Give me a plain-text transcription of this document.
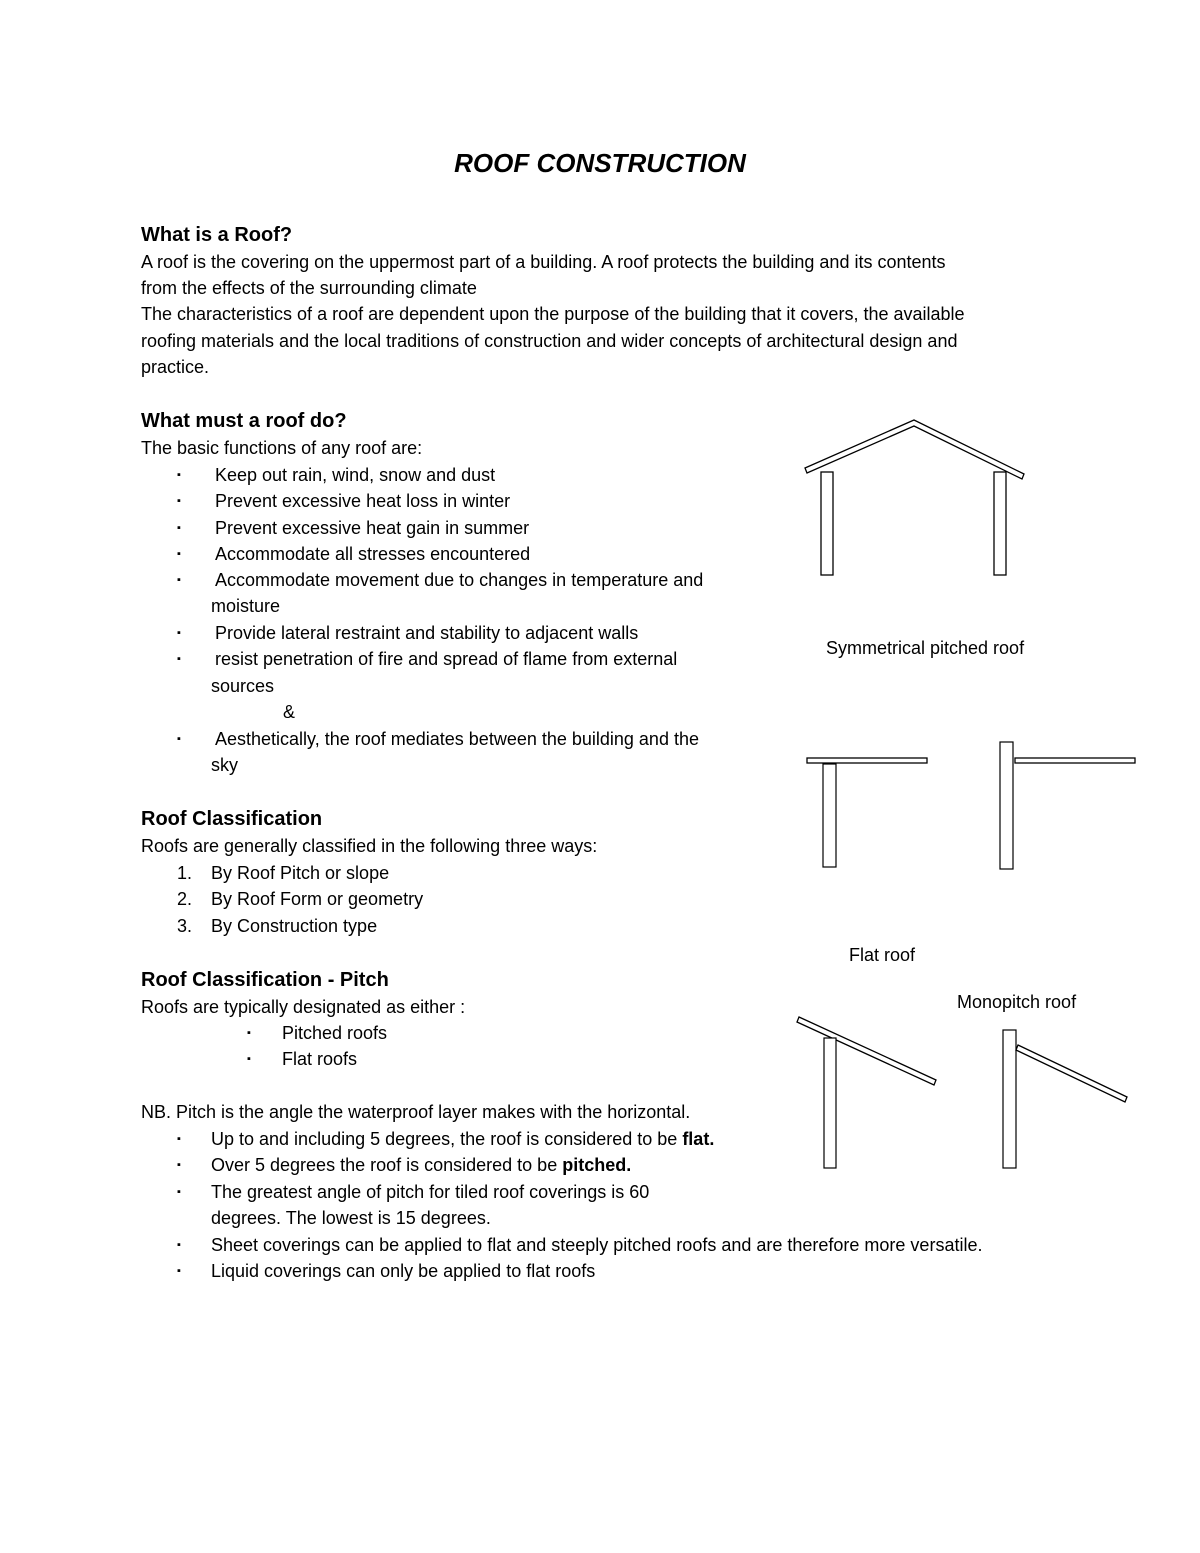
ROOF CONSTRUCTION
What is a Roof?
A roof is the covering on the uppermost part of a building. A roof protects the building and its contents
from the effects of the surrounding climate
The characteristics of a roof are dependent upon the purpose of the building that it covers, the available
roofing materials and the local traditions of construction and wider concepts of architectural design and
practice.
What must a roof do?
The basic functions of any roof are:
▪ Keep out rain, wind, snow and dust
▪ Prevent excessive heat loss in winter
▪ Prevent excessive heat gain in summer
▪ Accommodate all stresses encountered
▪ Accommodate movement due to changes in temperature and
moisture
▪ Provide lateral restraint and stability to adjacent walls
▪ resist penetration of fire and spread of flame from external
sources
&
▪ Aesthetically, the roof mediates between the building and the
sky
Roof Classification
Roofs are generally classified in the following three ways:
1. By Roof Pitch or slope
2. By Roof Form or geometry
3. By Construction type
Roof Classification - Pitch
Roofs are typically designated as either :
▪ Pitched roofs
▪ Flat roofs
NB. Pitch is the angle the waterproof layer makes with the horizontal.
▪ Up to and including 5 degrees, the roof is considered to be flat.
▪ Over 5 degrees the roof is considered to be pitched.
▪ The greatest angle of pitch for tiled roof coverings is 60
degrees. The lowest is 15 degrees.
▪ Sheet coverings can be applied to flat and steeply pitched roofs and are therefore more versatile.
▪ Liquid coverings can only be applied to flat roofs
Symmetrical pitched roof
Flat roof
Monopitch roof
